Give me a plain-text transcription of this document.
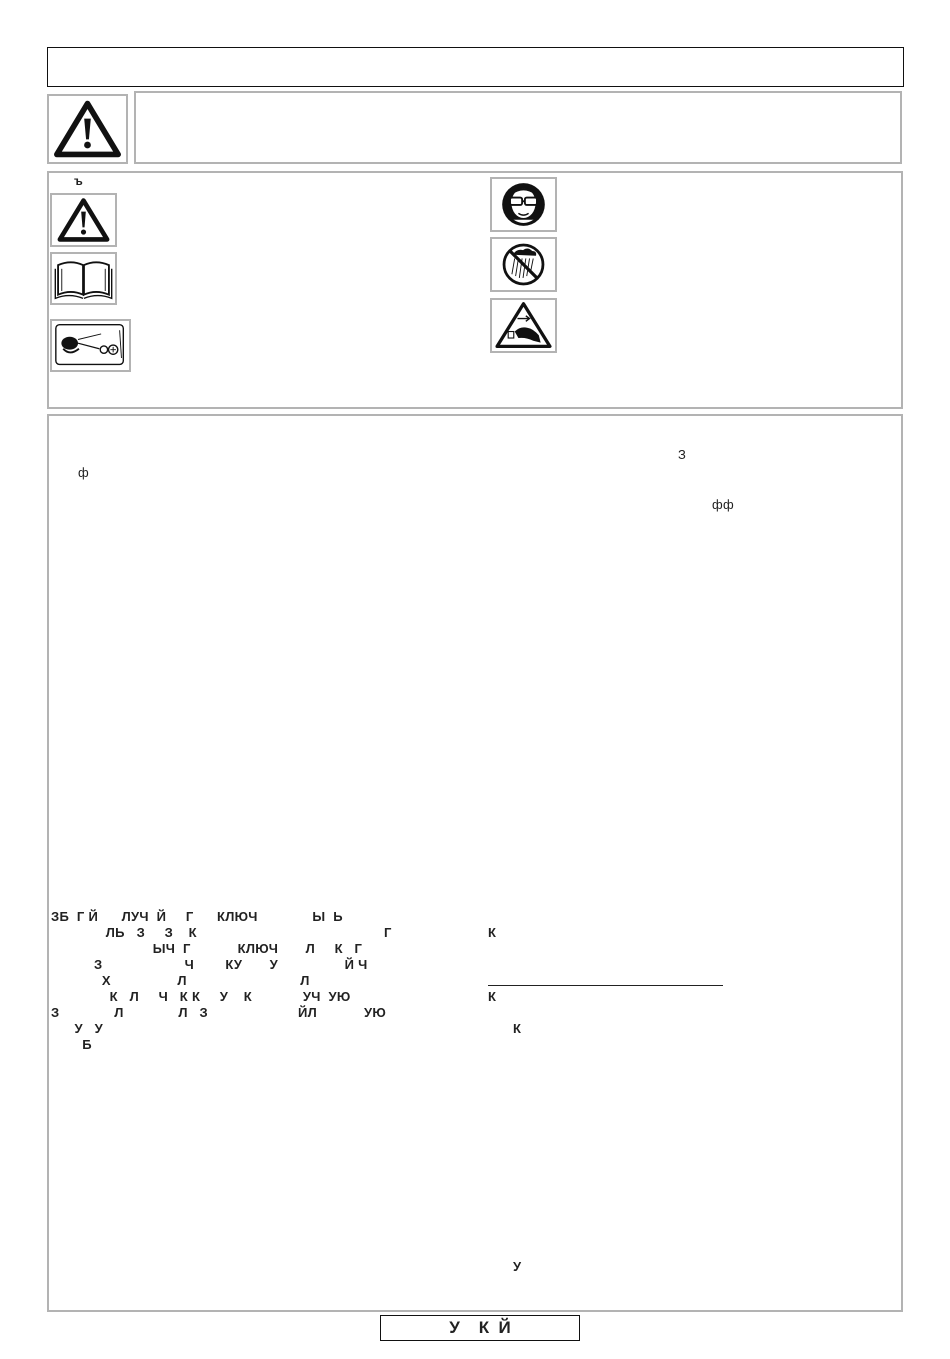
ъ
З
ф
фф
ЗБ  Г Й      ЛУЧ  Й     Г      КЛЮЧ              Ы  Ь
ЛЬ   З     З    К
ЫЧ  Г            КЛЮЧ       Л     К   Г
З                     Ч        КУ       У                 Й Ч
Х                 Л                             Л
К   Л     Ч   К К     У    К             УЧ  УЮ
З              Л              Л   З                       ЙЛ            УЮ
У   У
Б
Г	К
К
К
У
У    К  Й
